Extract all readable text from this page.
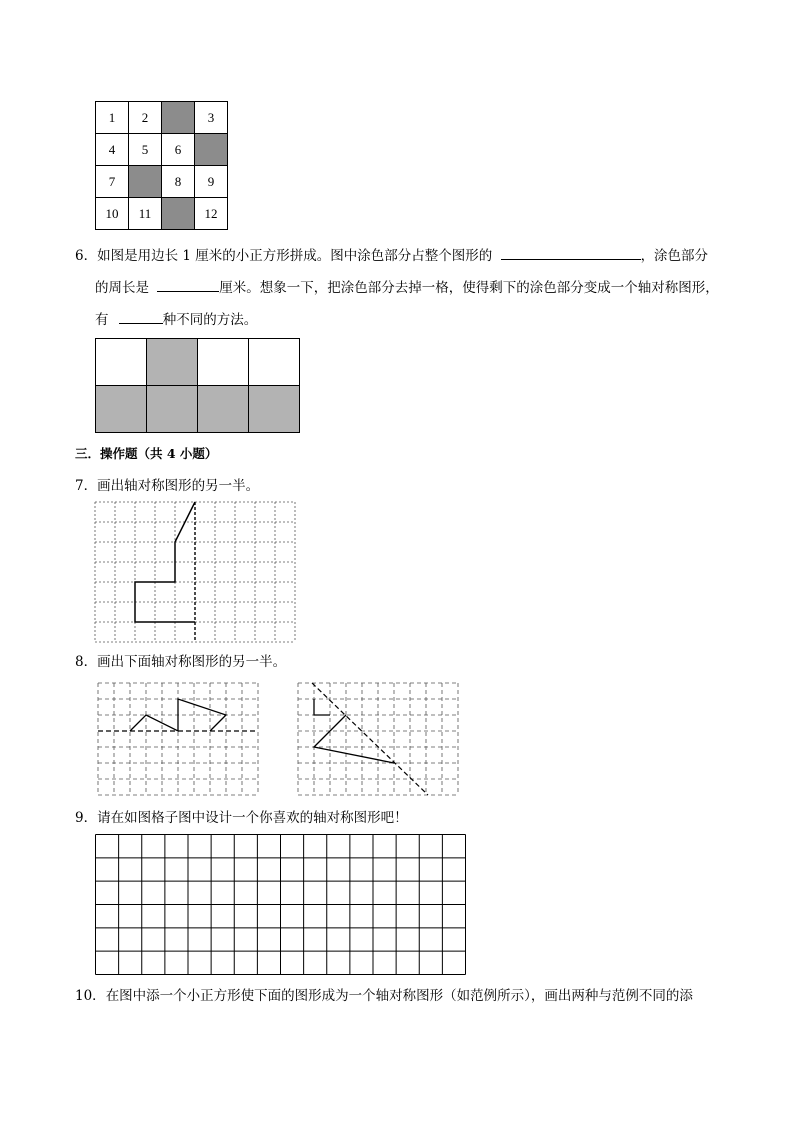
1	2		3
4	5	6	
7		8	9
10	11		12
6．如图是用边长 1 厘米的小正方形拼成。图中涂色部分占整个图形的	，涂色部分
的周长是	厘米。想象一下，把涂色部分去掉一格，使得剩下的涂色部分变成一个轴对称图形，
有	种不同的方法。

三．操作题（共 4 小题）
7．画出轴对称图形的另一半。
8．画出下面轴对称图形的另一半。
9．请在如图格子图中设计一个你喜欢的轴对称图形吧！
10．在图中添一个小正方形使下面的图形成为一个轴对称图形（如范例所示），画出两种与范例不同的添
